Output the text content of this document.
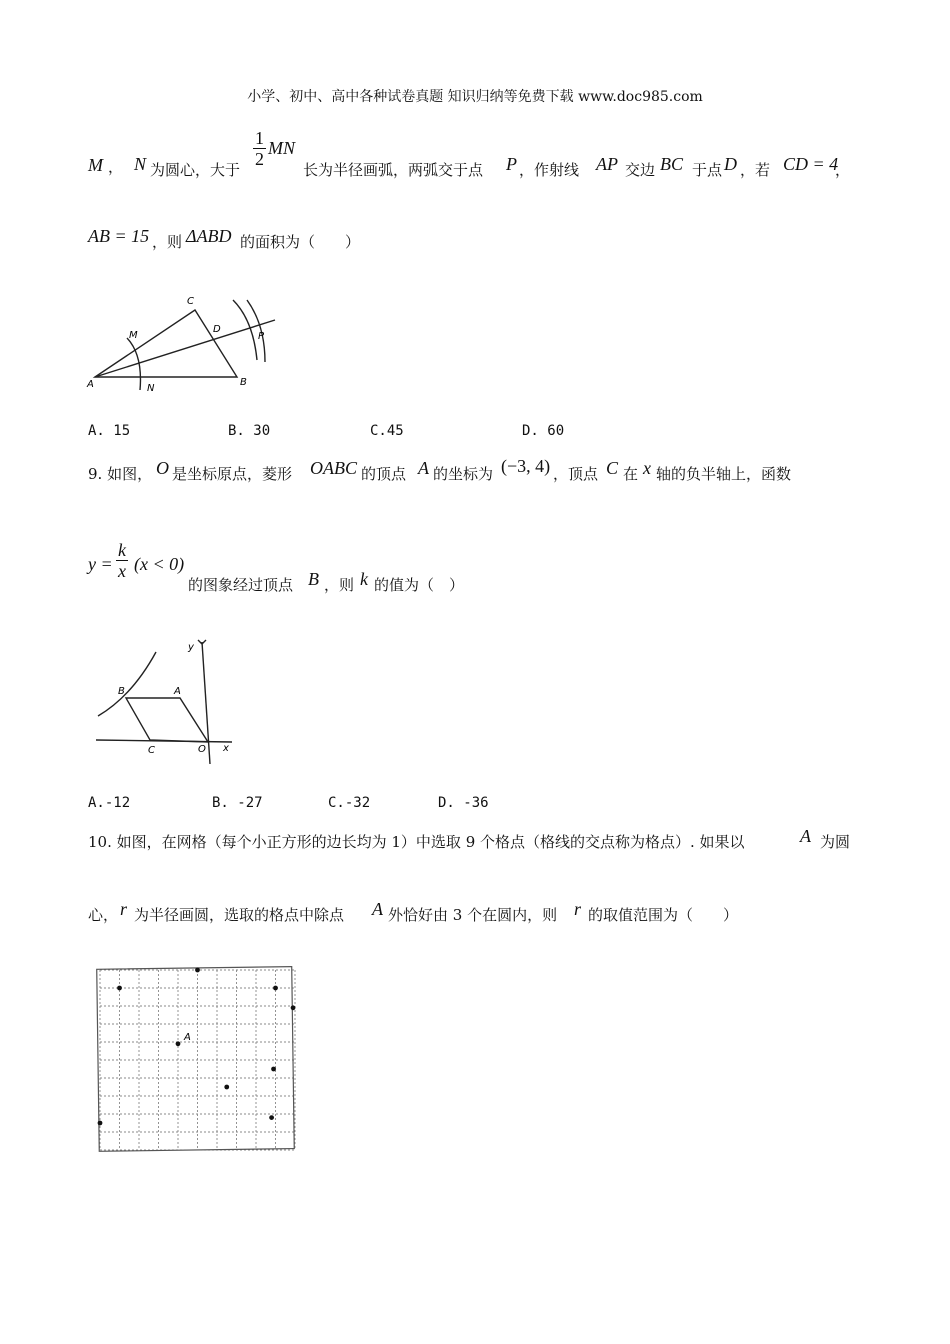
小学、初中、高中各种试卷真题 知识归纳等免费下载 www.doc985.com
M ， N 为圆心，大于
$\frac{1}{2}$ MN
长为半径画弧，两弧交于点 P ，作射线 AP 交边 BC 于点 D ，若 CD = 4
，
AB = 15 ，则 ΔABD 的面积为（　　）
C
M
D
P
A	N
B
A. 15	B. 30	C.45	D. 60
9. 如图， O 是坐标原点，菱形 OABC 的顶点 A 的坐标为 (−3, 4) ，顶点 C 在 x 轴的负半轴上，函数
$y = \frac{k}{x} (x < 0)$
的图象经过顶点 B ，则 k 的值为（　）
y
B	A
C	O x
A.-12	B. -27	C.-32	D. -36
10. 如图，在网格（每个小正方形的边长均为 1）中选取 9 个格点（格线的交点称为格点）. 如果以	A 为圆
心， r 为半径画圆，选取的格点中除点 A 外恰好由 3 个在圆内，则 r 的取值范围为（　　）
A
